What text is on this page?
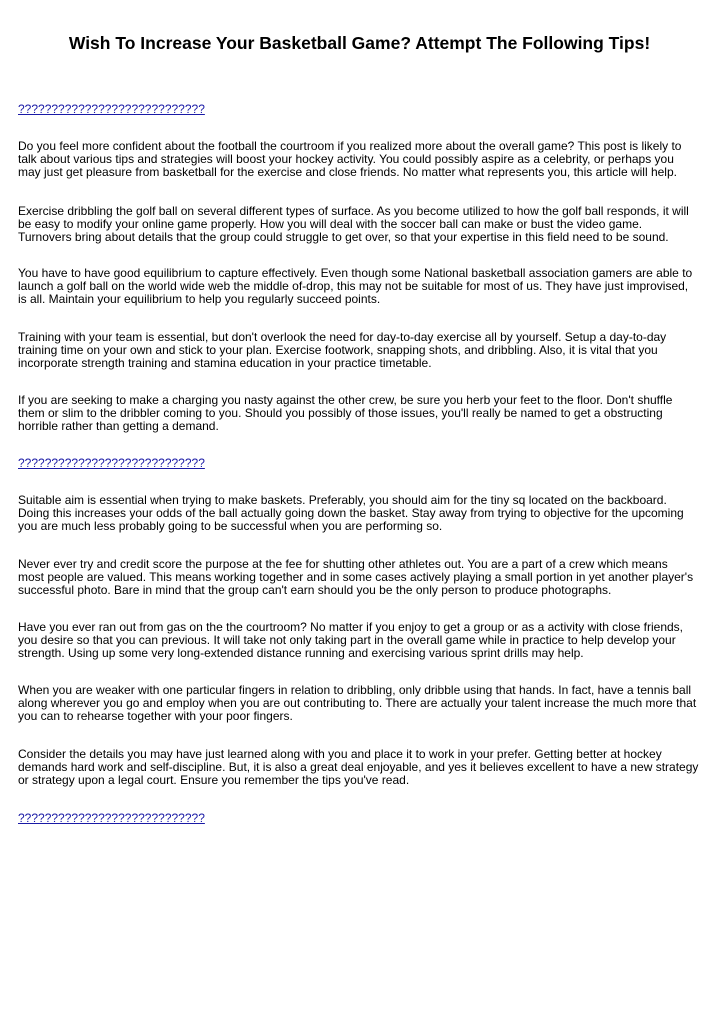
Wish To Increase Your Basketball Game? Attempt The Following Tips!
????????????????????????????
Do you feel more confident about the football the courtroom if you realized more about the overall game? This post is likely to
talk about various tips and strategies will boost your hockey activity. You could possibly aspire as a celebrity, or perhaps you
may just get pleasure from basketball for the exercise and close friends. No matter what represents you, this article will help.
Exercise dribbling the golf ball on several different types of surface. As you become utilized to how the golf ball responds, it will
be easy to modify your online game properly. How you will deal with the soccer ball can make or bust the video game.
Turnovers bring about details that the group could struggle to get over, so that your expertise in this field need to be sound.
You have to have good equilibrium to capture effectively. Even though some National basketball association gamers are able to
launch a golf ball on the world wide web the middle of-drop, this may not be suitable for most of us. They have just improvised,
is all. Maintain your equilibrium to help you regularly succeed points.
Training with your team is essential, but don't overlook the need for day-to-day exercise all by yourself. Setup a day-to-day
training time on your own and stick to your plan. Exercise footwork, snapping shots, and dribbling. Also, it is vital that you
incorporate strength training and stamina education in your practice timetable.
If you are seeking to make a charging you nasty against the other crew, be sure you herb your feet to the floor. Don't shuffle
them or slim to the dribbler coming to you. Should you possibly of those issues, you'll really be named to get a obstructing
horrible rather than getting a demand.
????????????????????????????
Suitable aim is essential when trying to make baskets. Preferably, you should aim for the tiny sq located on the backboard.
Doing this increases your odds of the ball actually going down the basket. Stay away from trying to objective for the upcoming
you are much less probably going to be successful when you are performing so.
Never ever try and credit score the purpose at the fee for shutting other athletes out. You are a part of a crew which means
most people are valued. This means working together and in some cases actively playing a small portion in yet another player's
successful photo. Bare in mind that the group can't earn should you be the only person to produce photographs.
Have you ever ran out from gas on the the courtroom? No matter if you enjoy to get a group or as a activity with close friends,
you desire so that you can previous. It will take not only taking part in the overall game while in practice to help develop your
strength. Using up some very long-extended distance running and exercising various sprint drills may help.
When you are weaker with one particular fingers in relation to dribbling, only dribble using that hands. In fact, have a tennis ball
along wherever you go and employ when you are out contributing to. There are actually your talent increase the much more that
you can to rehearse together with your poor fingers.
Consider the details you may have just learned along with you and place it to work in your prefer. Getting better at hockey
demands hard work and self-discipline. But, it is also a great deal enjoyable, and yes it believes excellent to have a new strategy
or strategy upon a legal court. Ensure you remember the tips you've read.
????????????????????????????
